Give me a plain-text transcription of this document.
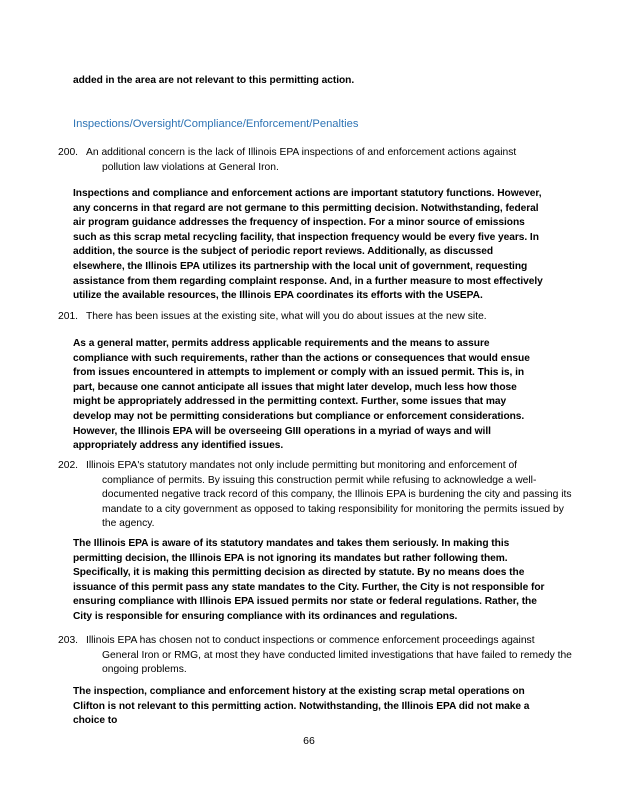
added in the area are not relevant to this permitting action.
Inspections/Oversight/Compliance/Enforcement/Penalties
200. An additional concern is the lack of Illinois EPA inspections of and enforcement actions against
pollution law violations at General Iron.
Inspections and compliance and enforcement actions are important statutory functions. However, any concerns in that regard are not germane to this permitting decision. Notwithstanding, federal air program guidance addresses the frequency of inspection. For a minor source of emissions such as this scrap metal recycling facility, that inspection frequency would be every five years. In addition, the source is the subject of periodic report reviews. Additionally, as discussed elsewhere, the Illinois EPA utilizes its partnership with the local unit of government, requesting assistance from them regarding complaint response. And, in a further measure to most effectively utilize the available resources, the Illinois EPA coordinates its efforts with the USEPA.
201. There has been issues at the existing site, what will you do about issues at the new site.
As a general matter, permits address applicable requirements and the means to assure compliance with such requirements, rather than the actions or consequences that would ensue from issues encountered in attempts to implement or comply with an issued permit. This is, in part, because one cannot anticipate all issues that might later develop, much less how those might be appropriately addressed in the permitting context. Further, some issues that may develop may not be permitting considerations but compliance or enforcement considerations. However, the Illinois EPA will be overseeing GIII operations in a myriad of ways and will appropriately address any identified issues.
202. Illinois EPA's statutory mandates not only include permitting but monitoring and enforcement of
compliance of permits. By issuing this construction permit while refusing to acknowledge a well-documented negative track record of this company, the Illinois EPA is burdening the city and passing its mandate to a city government as opposed to taking responsibility for monitoring the permits issued by the agency.
The Illinois EPA is aware of its statutory mandates and takes them seriously. In making this permitting decision, the Illinois EPA is not ignoring its mandates but rather following them. Specifically, it is making this permitting decision as directed by statute. By no means does the issuance of this permit pass any state mandates to the City. Further, the City is not responsible for ensuring compliance with Illinois EPA issued permits nor state or federal regulations. Rather, the City is responsible for ensuring compliance with its ordinances and regulations.
203. Illinois EPA has chosen not to conduct inspections or commence enforcement proceedings against
General Iron or RMG, at most they have conducted limited investigations that have failed to remedy the ongoing problems.
The inspection, compliance and enforcement history at the existing scrap metal operations on Clifton is not relevant to this permitting action. Notwithstanding, the Illinois EPA did not make a choice to
66
